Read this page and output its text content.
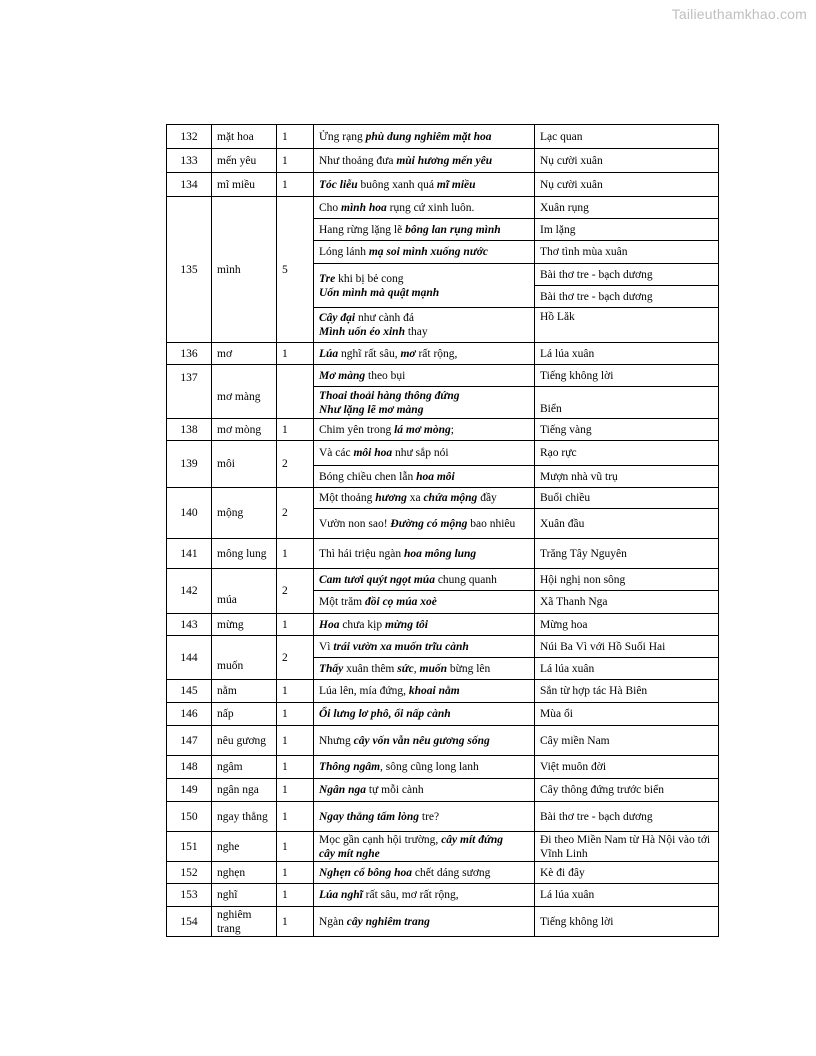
Tailieuthamkhao.com
132	mặt hoa	1	Ửng rạng phù dung nghiêm mặt hoa	Lạc quan
133	mến yêu	1	Như thoảng đưa mùi hương mến yêu	Nụ cười xuân
134	mĩ miều	1	Tóc liễu buông xanh quá mĩ miều	Nụ cười xuân
135	mình	5	Cho mình hoa rụng cứ xinh luôn.	Xuân rụng
			Hang rừng lặng lẽ bông lan rụng mình	Im lặng
			Lóng lánh mạ soi mình xuống nước	Thơ tình mùa xuân
			Tre khi bị bẻ cong
Uốn mình mà quật mạnh	Bài thơ tre - bạch dương
				Bài thơ tre - bạch dương
			Cây đại như cành đá
Mình uốn éo xinh thay	Hồ Lăk
136	mơ	1	Lúa nghĩ rất sâu, mơ rất rộng,	Lá lúa xuân
137	mơ màng		Mơ màng theo bụi	Tiếng không lời
			Thoai thoải hàng thông đứng
Như lặng lẽ mơ màng	Biển
138	mơ mòng	1	Chim yên trong lá mơ mòng;	Tiếng vàng
139	môi	2	Và các môi hoa như sắp nói	Rạo rực
			Bóng chiều chen lẫn hoa môi	Mượn nhà vũ trụ
140	mộng	2	Một thoảng hương xa chứa mộng đầy	Buổi chiều
			Vườn non sao! Đường có mộng bao nhiêu	Xuân đầu
141	mông lung	1	Thì hái triệu ngàn hoa mông lung	Trăng Tây Nguyên
142	múa	2	Cam tươi quýt ngọt múa chung quanh	Hội nghị non sông
			Một trăm đồi cọ múa xoè	Xã Thanh Nga
143	mừng	1	Hoa chưa kịp mừng tôi	Mừng hoa
144	muốn	2	Vì trái vườn xa muốn trĩu cành	Núi Ba Vì với Hồ Suối Hai
			Thấy xuân thêm sức, muốn bừng lên	Lá lúa xuân
145	nằm	1	Lúa lên, mía đứng, khoai nằm	Sắn từ hợp tác Hà Biên
146	nấp	1	Ổi lưng lơ phô, ổi nấp cành	Mùa ổi
147	nêu gương	1	Nhưng cây vốn vẫn nêu gương sống	Cây miền Nam
148	ngâm	1	Thông ngâm, sông cũng long lanh	Việt muôn đời
149	ngân nga	1	Ngân nga tự mỗi cành	Cây thông đứng trước biển
150	ngay thẳng	1	Ngay thẳng tấm lòng tre?	Bài thơ tre - bạch dương
151	nghe	1	Mọc gần cạnh hội trường, cây mít đứng
cây mít nghe	Đi theo Miền Nam từ Hà Nội vào tới Vĩnh Linh
152	nghẹn	1	Nghẹn cổ bông hoa chết dáng sương	Kè đi đây
153	nghĩ	1	Lúa nghĩ rất sâu, mơ rất rộng,	Lá lúa xuân
154	nghiêm trang	1	Ngàn cây nghiêm trang	Tiếng không lời
